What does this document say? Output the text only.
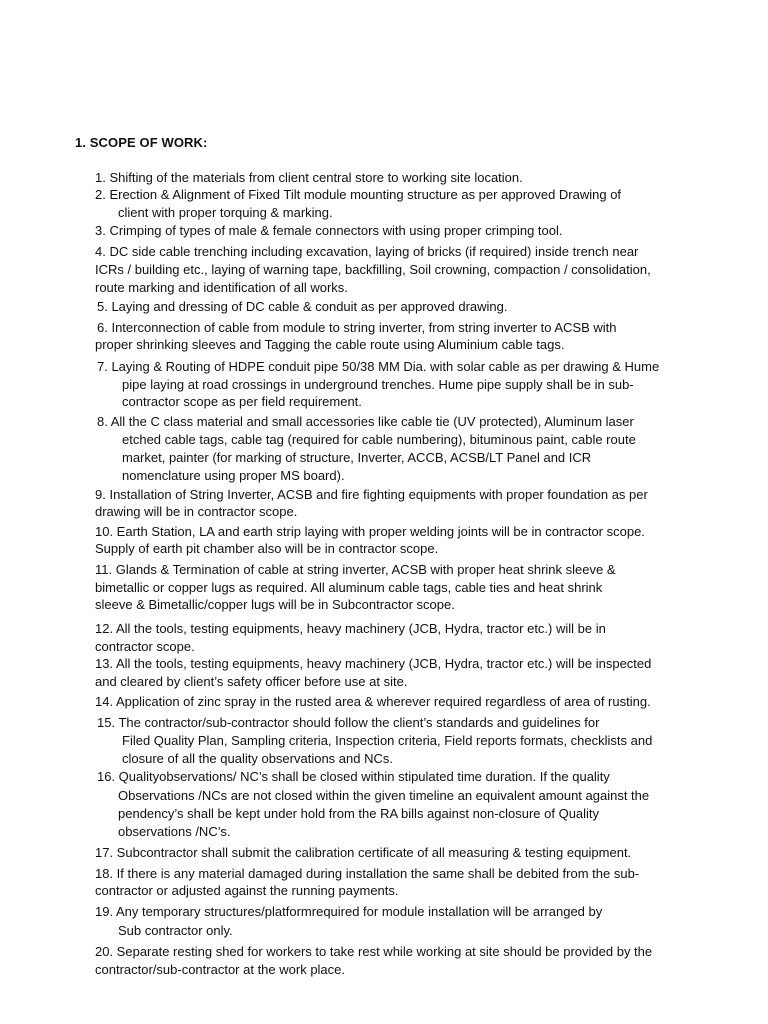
1. SCOPE OF WORK:
1. Shifting of the materials from client central store to working site location.
2. Erection & Alignment of Fixed Tilt module mounting structure as per approved Drawing of
client with proper torquing & marking.
3. Crimping of types of male & female connectors with using proper crimping tool.
4. DC side cable trenching including excavation, laying of bricks (if required) inside trench near
ICRs / building etc., laying of warning tape, backfilling, Soil crowning, compaction / consolidation,
route marking and identification of all works.
5. Laying and dressing of DC cable & conduit as per approved drawing.
6. Interconnection of cable from module to string inverter, from string inverter to ACSB with
proper shrinking sleeves and Tagging the cable route using Aluminium cable tags.
7. Laying & Routing of HDPE conduit pipe 50/38 MM Dia. with solar cable as per drawing & Hume
pipe laying at road crossings in underground trenches. Hume pipe supply shall be in sub-
contractor scope as per field requirement.
8. All the C class material and small accessories like cable tie (UV protected), Aluminum laser
etched cable tags, cable tag (required for cable numbering), bituminous paint, cable route
market, painter (for marking of structure, Inverter, ACCB, ACSB/LT Panel and ICR
nomenclature using proper MS board).
9. Installation of String Inverter, ACSB and fire fighting equipments with proper foundation as per
drawing will be in contractor scope.
10. Earth Station, LA and earth strip laying with proper welding joints will be in contractor scope.
Supply of earth pit chamber also will be in contractor scope.
11. Glands & Termination of cable at string inverter, ACSB with proper heat shrink sleeve &
bimetallic or copper lugs as required. All aluminum cable tags, cable ties and heat shrink
sleeve & Bimetallic/copper lugs will be in Subcontractor scope.
12. All the tools, testing equipments, heavy machinery (JCB, Hydra, tractor etc.) will be in
contractor scope.
13. All the tools, testing equipments, heavy machinery (JCB, Hydra, tractor etc.) will be inspected
and cleared by client’s safety officer before use at site.
14. Application of zinc spray in the rusted area & wherever required regardless of area of rusting.
15. The contractor/sub-contractor should follow the client’s standards and guidelines for
Filed Quality Plan, Sampling criteria, Inspection criteria, Field reports formats, checklists and
closure of all the quality observations and NCs.
16. Qualityobservations/ NC’s shall be closed within stipulated time duration. If the quality
Observations /NCs are not closed within the given timeline an equivalent amount against the
pendency’s shall be kept under hold from the RA bills against non-closure of Quality
observations /NC’s.
17. Subcontractor shall submit the calibration certificate of all measuring & testing equipment.
18. If there is any material damaged during installation the same shall be debited from the sub-
contractor or adjusted against the running payments.
19. Any temporary structures/platformrequired for module installation will be arranged by
Sub contractor only.
20. Separate resting shed for workers to take rest while working at site should be provided by the
contractor/sub-contractor at the work place.
